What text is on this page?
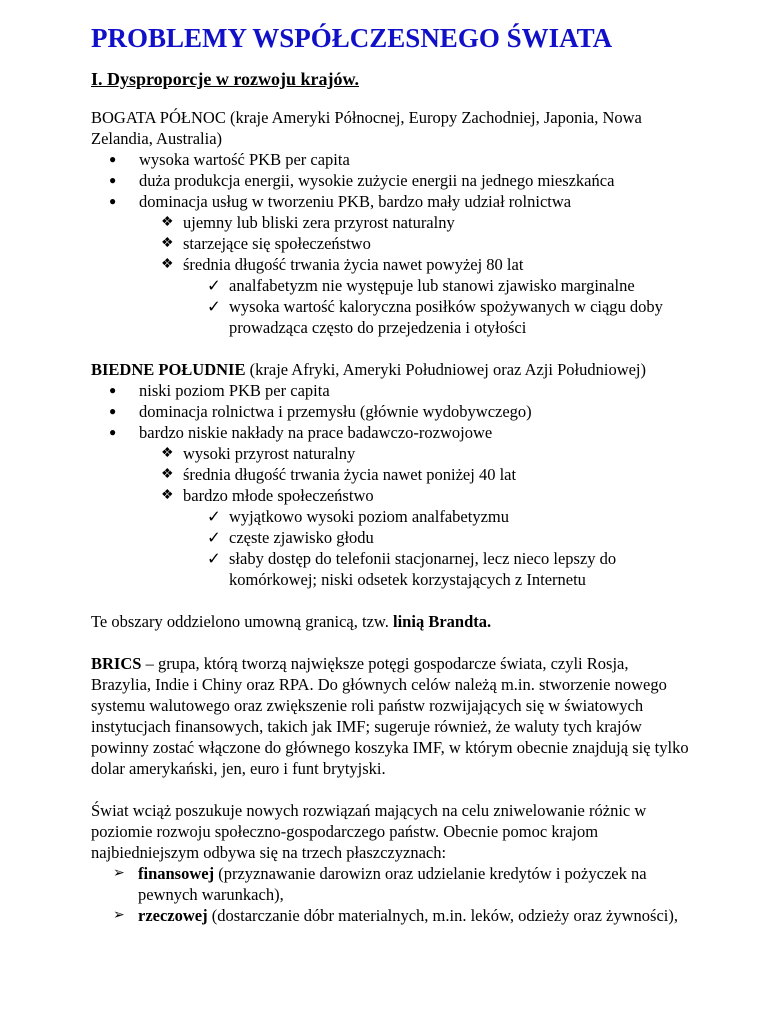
PROBLEMY WSPÓŁCZESNEGO ŚWIATA
I. Dysproporcje w rozwoju krajów.

BOGATA PÓŁNOC (kraje Ameryki Północnej, Europy Zachodniej, Japonia, Nowa Zelandia, Australia)

● wysoka wartość PKB per capita
● duża produkcja energii, wysokie zużycie energii na jednego mieszkańca
● dominacja usług w tworzeniu PKB, bardzo mały udział rolnictwa
❖ ujemny lub bliski zera przyrost naturalny
❖ starzejące się społeczeństwo
❖ średnia długość trwania życia nawet powyżej 80 lat
✓ analfabetyzm nie występuje lub stanowi zjawisko marginalne
✓ wysoka wartość kaloryczna posiłków spożywanych w ciągu doby prowadząca często do przejedzenia i otyłości

BIEDNE POŁUDNIE (kraje Afryki, Ameryki Południowej oraz Azji Południowej)

● niski poziom PKB per capita
● dominacja rolnictwa i przemysłu (głównie wydobywczego)
● bardzo niskie nakłady na prace badawczo-rozwojowe
❖ wysoki przyrost naturalny
❖ średnia długość trwania życia nawet poniżej 40 lat
❖ bardzo młode społeczeństwo
✓ wyjątkowo wysoki poziom analfabetyzmu
✓ częste zjawisko głodu
✓ słaby dostęp do telefonii stacjonarnej, lecz nieco lepszy do komórkowej; niski odsetek korzystających z Internetu

Te obszary oddzielono umowną granicą, tzw. linią Brandta.

BRICS – grupa, którą tworzą największe potęgi gospodarcze świata, czyli Rosja, Brazylia, Indie i Chiny oraz RPA. Do głównych celów należą m.in. stworzenie nowego systemu walutowego oraz zwiększenie roli państw rozwijających się w światowych instytucjach finansowych, takich jak IMF; sugeruje również, że waluty tych krajów powinny zostać włączone do głównego koszyka IMF, w którym obecnie znajdują się tylko dolar amerykański, jen, euro i funt brytyjski.

Świat wciąż poszukuje nowych rozwiązań mających na celu zniwelowanie różnic w poziomie rozwoju społeczno-gospodarczego państw. Obecnie pomoc krajom najbiedniejszym odbywa się na trzech płaszczyznach:

➢ finansowej (przyznawanie darowizn oraz udzielanie kredytów i pożyczek na pewnych warunkach),
➢ rzeczowej (dostarczanie dóbr materialnych, m.in. leków, odzieży oraz żywności),
